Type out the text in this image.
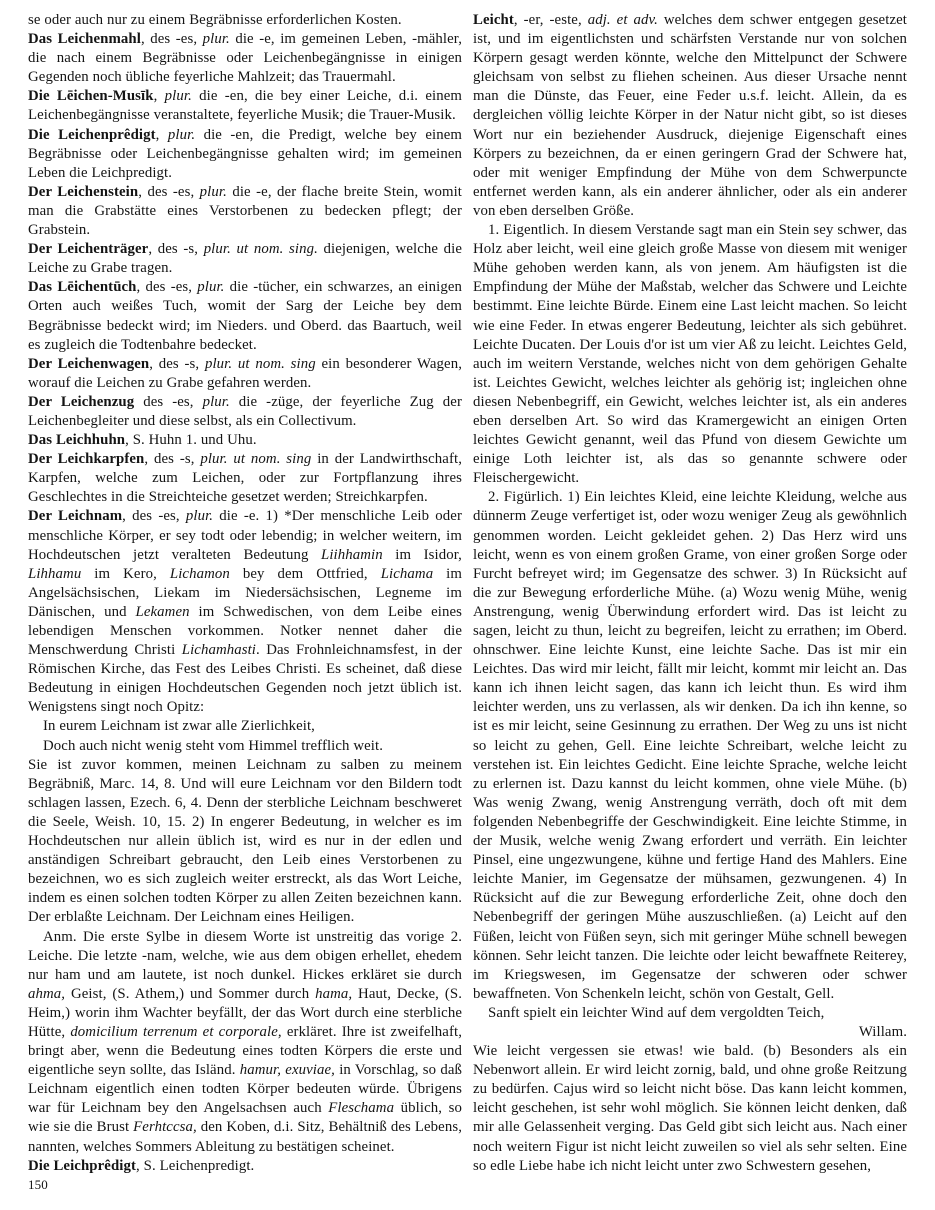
se oder auch nur zu einem Begräbnisse erforderlichen Kosten.

Das Leichenmahl, des -es, plur. die -e, im gemeinen Leben, -mähler, die nach einem Begräbnisse oder Leichenbegängnisse in einigen Gegenden noch übliche feyerliche Mahlzeit; das Trauermahl.

Die Lēichen-Musīk, plur. die -en, die bey einer Leiche, d.i. einem Leichenbegängnisse veranstaltete, feyerliche Musik; die Trauer-Musik.

Die Leichenprêdigt, plur. die -en, die Predigt, welche bey einem Begräbnisse oder Leichenbegängnisse gehalten wird; im gemeinen Leben die Leichpredigt.

Der Leichenstein, des -es, plur. die -e, der flache breite Stein, womit man die Grabstätte eines Verstorbenen zu bedecken pflegt; der Grabstein.

Der Leichenträger, des -s, plur. ut nom. sing. diejenigen, welche die Leiche zu Grabe tragen.

Das Lēichentūch, des -es, plur. die -tücher, ein schwarzes, an einigen Orten auch weißes Tuch, womit der Sarg der Leiche bey dem Begräbnisse bedeckt wird; im Nieders. und Oberd. das Baartuch, weil es zugleich die Todtenbahre bedecket.

Der Leichenwagen, des -s, plur. ut nom. sing ein besonderer Wagen, worauf die Leichen zu Grabe gefahren werden.

Der Leichenzug des -es, plur. die -züge, der feyerliche Zug der Leichenbegleiter und diese selbst, als ein Collectivum.

Das Leichhuhn, S. Huhn 1. und Uhu.

Der Leichkarpfen, des -s, plur. ut nom. sing in der Landwirthschaft, Karpfen, welche zum Leichen, oder zur Fortpflanzung ihres Geschlechtes in die Streichteiche gesetzet werden; Streichkarpfen.

Der Leichnam, des -es, plur. die -e. 1) *Der menschliche Leib oder menschliche Körper, er sey todt oder lebendig; in welcher weitern, im Hochdeutschen jetzt veralteten Bedeutung Liihhamin im Isidor, Lihhamu im Kero, Lichamon bey dem Ottfried, Lichama im Angelsächsischen, Liekam im Niedersächsischen, Legneme im Dänischen, und Lekamen im Schwedischen, von dem Leibe eines lebendigen Menschen vorkommen. Notker nennet daher die Menschwerdung Christi Lichamhasti. Das Frohnleichnamsfest, in der Römischen Kirche, das Fest des Leibes Christi. Es scheinet, daß diese Bedeutung in einigen Hochdeutschen Gegenden noch jetzt üblich ist. Wenigstens singt noch Opitz:

In eurem Leichnam ist zwar alle Zierlichkeit,

Doch auch nicht wenig steht vom Himmel trefflich weit.

Sie ist zuvor kommen, meinen Leichnam zu salben zu meinem Begräbniß, Marc. 14, 8. Und will eure Leichnam vor den Bildern todt schlagen lassen, Ezech. 6, 4. Denn der sterbliche Leichnam beschweret die Seele, Weish. 10, 15. 2) In engerer Bedeutung, in welcher es im Hochdeutschen nur allein üblich ist, wird es nur in der edlen und anständigen Schreibart gebraucht, den Leib eines Verstorbenen zu bezeichnen, wo es sich zugleich weiter erstreckt, als das Wort Leiche, indem es einen solchen todten Körper zu allen Zeiten bezeichnen kann. Der erblaßte Leichnam. Der Leichnam eines Heiligen.

Anm. Die erste Sylbe in diesem Worte ist unstreitig das vorige 2. Leiche. Die letzte -nam, welche, wie aus dem obigen erhellet, ehedem nur ham und am lautete, ist noch dunkel. Hickes erkläret sie durch ahma, Geist, (S. Athem,) und Sommer durch hama, Haut, Decke, (S. Heim,) worin ihm Wachter beyfällt, der das Wort durch eine sterbliche Hütte, domicilium terrenum et corporale, erkläret. Ihre ist zweifelhaft, bringt aber, wenn die Bedeutung eines todten Körpers die erste und eigentliche seyn sollte, das Isländ. hamur, exuviae, in Vorschlag, so daß Leichnam eigentlich einen todten Körper bedeuten würde. Übrigens war für Leichnam bey den Angelsachsen auch Fleschama üblich, so wie sie die Brust Ferhtccsa, den Koben, d.i. Sitz, Behältniß des Lebens, nannten, welches Sommers Ableitung zu bestätigen scheinet.

Die Leichprêdigt, S. Leichenpredigt.

150

Leicht, -er, -este, adj. et adv. welches dem schwer entgegen gesetzet ist, und im eigentlichsten und schärfsten Verstande nur von solchen Körpern gesagt werden könnte, welche den Mittelpunct der Schwere gleichsam von selbst zu fliehen scheinen. Aus dieser Ursache nennt man die Dünste, das Feuer, eine Feder u.s.f. leicht. Allein, da es dergleichen völlig leichte Körper in der Natur nicht gibt, so ist dieses Wort nur ein beziehender Ausdruck, diejenige Eigenschaft eines Körpers zu bezeichnen, da er einen geringern Grad der Schwere hat, oder mit weniger Empfindung der Mühe von dem Schwerpuncte entfernet werden kann, als ein anderer ähnlicher, oder als ein anderer von eben derselben Größe.

1. Eigentlich. In diesem Verstande sagt man ein Stein sey schwer, das Holz aber leicht, weil eine gleich große Masse von diesem mit weniger Mühe gehoben werden kann, als von jenem. Am häufigsten ist die Empfindung der Mühe der Maßstab, welcher das Schwere und Leichte bestimmt. Eine leichte Bürde. Einem eine Last leicht machen. So leicht wie eine Feder. In etwas engerer Bedeutung, leichter als sich gebühret. Leichte Ducaten. Der Louis d'or ist um vier Aß zu leicht. Leichtes Geld, auch im weitern Verstande, welches nicht von dem gehörigen Gehalte ist. Leichtes Gewicht, welches leichter als gehörig ist; ingleichen ohne diesen Nebenbegriff, ein Gewicht, welches leichter ist, als ein anderes eben derselben Art. So wird das Kramergewicht an einigen Orten leichtes Gewicht genannt, weil das Pfund von diesem Gewichte um einige Loth leichter ist, als das so genannte schwere oder Fleischergewicht.

2. Figürlich. 1) Ein leichtes Kleid, eine leichte Kleidung, welche aus dünnerm Zeuge verfertiget ist, oder wozu weniger Zeug als gewöhnlich genommen worden. Leicht gekleidet gehen. 2) Das Herz wird uns leicht, wenn es von einem großen Grame, von einer großen Sorge oder Furcht befreyet wird; im Gegensatze des schwer. 3) In Rücksicht auf die zur Bewegung erforderliche Mühe. (a) Wozu wenig Mühe, wenig Anstrengung, wenig Überwindung erfordert wird. Das ist leicht zu sagen, leicht zu thun, leicht zu begreifen, leicht zu errathen; im Oberd. ohnschwer. Eine leichte Kunst, eine leichte Sache. Das ist mir ein Leichtes. Das wird mir leicht, fällt mir leicht, kommt mir leicht an. Das kann ich ihnen leicht sagen, das kann ich leicht thun. Es wird ihm leichter werden, uns zu verlassen, als wir denken. Da ich ihn kenne, so ist es mir leicht, seine Gesinnung zu errathen. Der Weg zu uns ist nicht so leicht zu gehen, Gell. Eine leichte Schreibart, welche leicht zu verstehen ist. Ein leichtes Gedicht. Eine leichte Sprache, welche leicht zu erlernen ist. Dazu kannst du leicht kommen, ohne viele Mühe. (b) Was wenig Zwang, wenig Anstrengung verräth, doch oft mit dem folgenden Nebenbegriffe der Geschwindigkeit. Eine leichte Stimme, in der Musik, welche wenig Zwang erfordert und verräth. Ein leichter Pinsel, eine ungezwungene, kühne und fertige Hand des Mahlers. Eine leichte Manier, im Gegensatze der mühsamen, gezwungenen. 4) In Rücksicht auf die zur Bewegung erforderliche Zeit, ohne doch den Nebenbegriff der geringen Mühe auszuschließen. (a) Leicht auf den Füßen, leicht von Füßen seyn, sich mit geringer Mühe schnell bewegen können. Sehr leicht tanzen. Die leichte oder leicht bewaffnete Reiterey, im Kriegswesen, im Gegensatze der schweren oder schwer bewaffneten. Von Schenkeln leicht, schön von Gestalt, Gell.

Sanft spielt ein leichter Wind auf dem vergoldten Teich,

Willam.

Wie leicht vergessen sie etwas! wie bald. (b) Besonders als ein Nebenwort allein. Er wird leicht zornig, bald, und ohne große Reitzung zu bedürfen. Cajus wird so leicht nicht böse. Das kann leicht kommen, leicht geschehen, ist sehr wohl möglich. Sie können leicht denken, daß mir alle Gelassenheit verging. Das Geld gibt sich leicht aus. Nach einer noch weitern Figur ist nicht leicht zuweilen so viel als sehr selten. Eine so edle Liebe habe ich nicht leicht unter zwo Schwestern gesehen,
